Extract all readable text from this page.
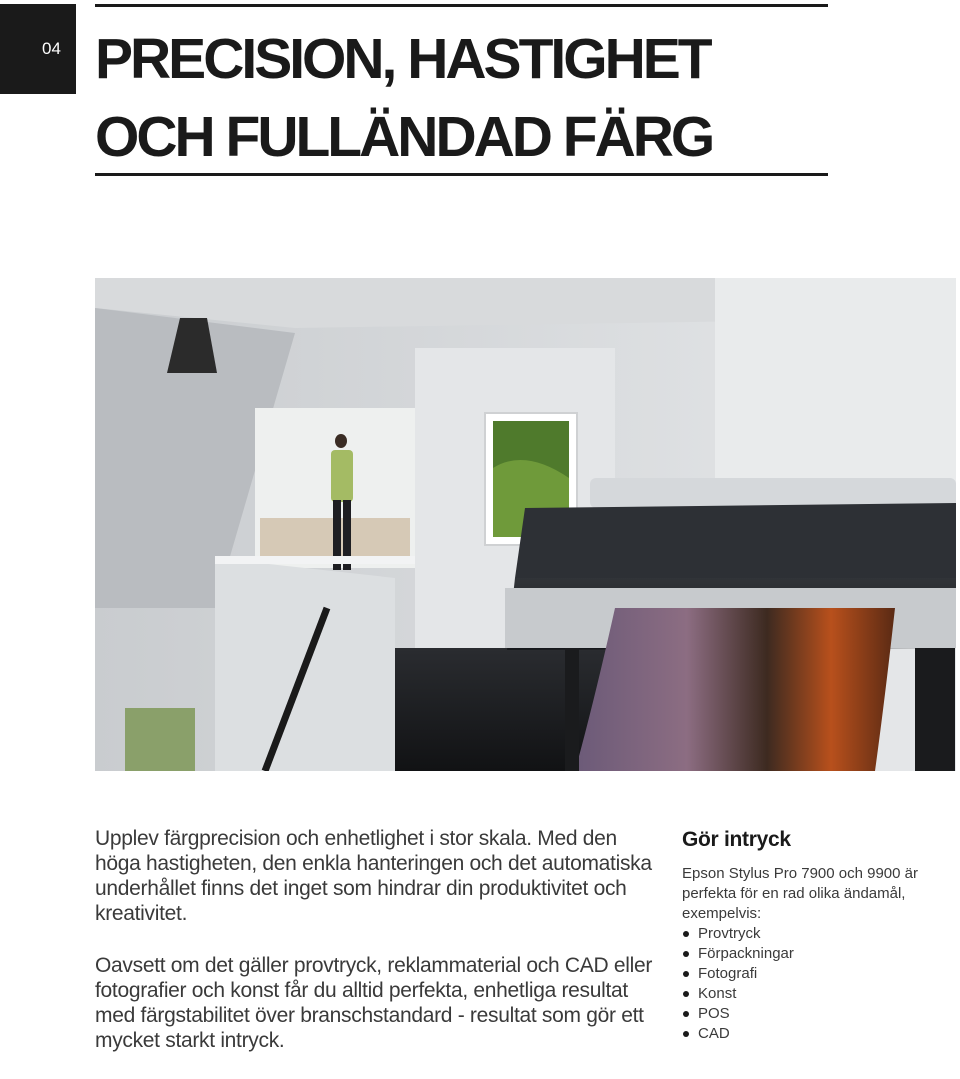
04 PRECISION, HASTIGHET
OCH FULLÄNDAD FÄRG

Upplev färgprecision och enhetlighet i stor skala. Med den höga hastigheten, den enkla hanteringen och det automatiska underhållet finns det inget som hindrar din produktivitet och kreativitet.

Oavsett om det gäller provtryck, reklammaterial och CAD eller fotografier och konst får du alltid perfekta, enhetliga resultat med färgstabilitet över branschstandard - resultat som gör ett mycket starkt intryck.

Gör intryck

Epson Stylus Pro 7900 och 9900 är perfekta för en rad olika ändamål, exempelvis:

Provtryck
Förpackningar
Fotografi
Konst
POS
CAD
